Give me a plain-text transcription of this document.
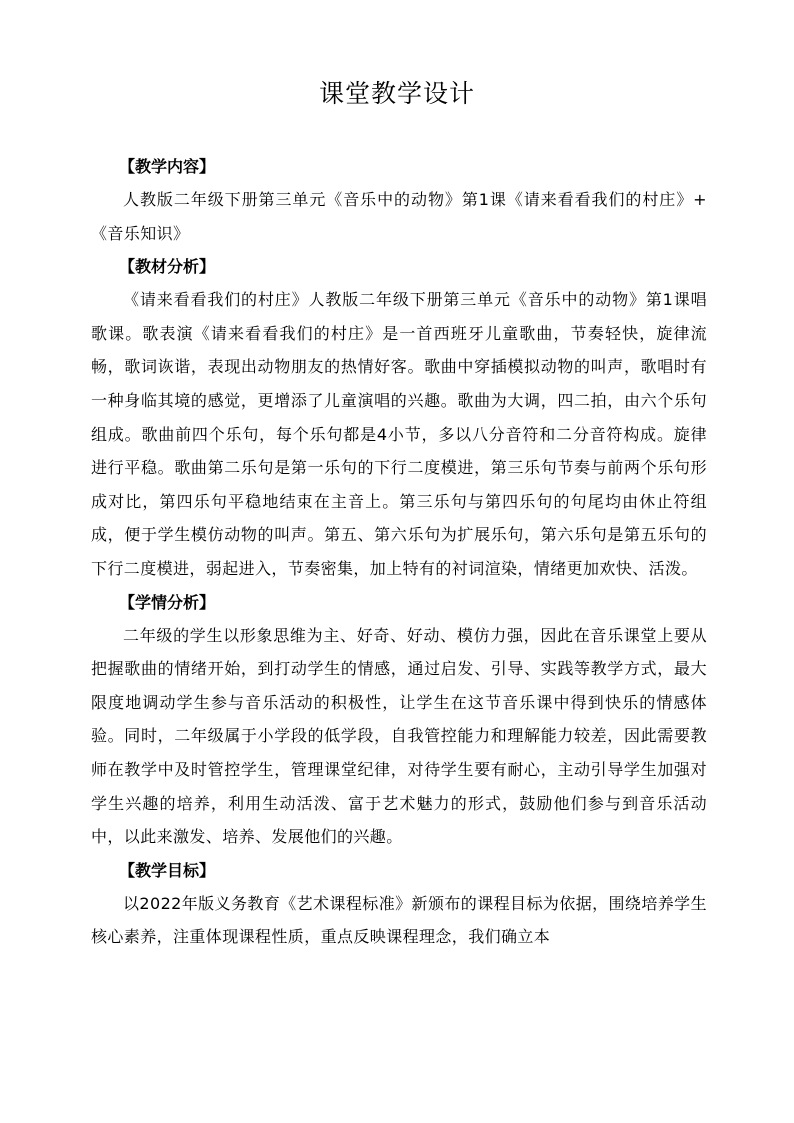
课堂教学设计
【教学内容】

人教版二年级下册第三单元《音乐中的动物》第1课《请来看看我们的村庄》+《音乐知识》

【教材分析】

《请来看看我们的村庄》人教版二年级下册第三单元《音乐中的动物》第1课唱歌课。歌表演《请来看看我们的村庄》是一首西班牙儿童歌曲，节奏轻快，旋律流畅，歌词诙谐，表现出动物朋友的热情好客。歌曲中穿插模拟动物的叫声，歌唱时有一种身临其境的感觉，更增添了儿童演唱的兴趣。歌曲为大调，四二拍，由六个乐句组成。歌曲前四个乐句，每个乐句都是4小节，多以八分音符和二分音符构成。旋律进行平稳。歌曲第二乐句是第一乐句的下行二度模进，第三乐句节奏与前两个乐句形成对比，第四乐句平稳地结束在主音上。第三乐句与第四乐句的句尾均由休止符组成，便于学生模仿动物的叫声。第五、第六乐句为扩展乐句，第六乐句是第五乐句的下行二度模进，弱起进入，节奏密集，加上特有的衬词渲染，情绪更加欢快、活泼。

【学情分析】

二年级的学生以形象思维为主、好奇、好动、模仿力强，因此在音乐课堂上要从把握歌曲的情绪开始，到打动学生的情感，通过启发、引导、实践等教学方式，最大限度地调动学生参与音乐活动的积极性，让学生在这节音乐课中得到快乐的情感体验。同时，二年级属于小学段的低学段，自我管控能力和理解能力较差，因此需要教师在教学中及时管控学生，管理课堂纪律，对待学生要有耐心，主动引导学生加强对学生兴趣的培养，利用生动活泼、富于艺术魅力的形式，鼓励他们参与到音乐活动中，以此来激发、培养、发展他们的兴趣。

【教学目标】

以2022年版义务教育《艺术课程标准》新颁布的课程目标为依据，围绕培养学生核心素养，注重体现课程性质，重点反映课程理念，我们确立本
